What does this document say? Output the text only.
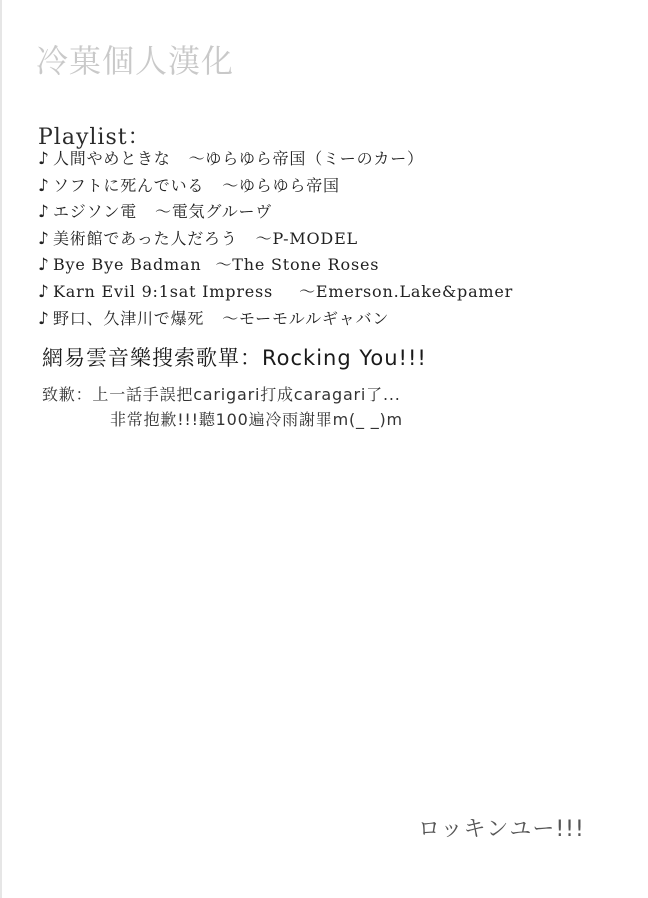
冷菓個人漢化
Playlist：
♪ 人間やめときな 〜ゆらゆら帝国（ミーのカー）
♪ ソフトに死んでいる 〜ゆらゆら帝国
♪ エジソン電 〜電気グルーヴ
♪ 美術館であった人だろう 〜P-MODEL
♪ Bye Bye Badman 〜The Stone Roses
♪ Karn Evil 9:1sat Impress 〜Emerson.Lake&pamer
♪ 野口、久津川で爆死 〜モーモルルギャバン
網易雲音樂搜索歌單：Rocking You!!!
致歉：上一話手誤把carigari打成caragari了...
非常抱歉!!!聽100遍冷雨謝罪m(_ _)m
ロッキンユー!!!
